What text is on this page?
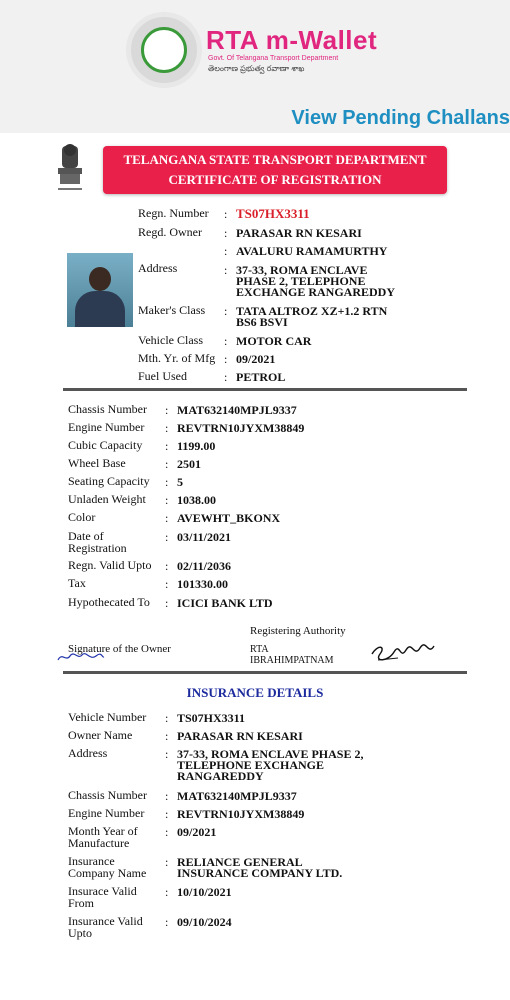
RTA m-Wallet
Govt. Of Telangana Transport Department
తెలంగాణ ప్రభుత్వ రవాణా శాఖ
View Pending Challans
TELANGANA STATE TRANSPORT DEPARTMENT
CERTIFICATE OF REGISTRATION
Regn. Number : TS07HX3311
Regd. Owner : PARASAR RN KESARI
: AVALURU RAMAMURTHY
Address	: 37-33, ROMA ENCLAVE
PHASE 2, TELEPHONE
EXCHANGE RANGAREDDY
Maker's Class : TATA ALTROZ XZ+1.2 RTN
BS6 BSVI
Vehicle Class : MOTOR CAR
Mth. Yr. of Mfg : 09/2021
Fuel Used	: PETROL
Chassis Number : MAT632140MPJL9337
Engine Number : REVTRN10JYXM38849
Cubic Capacity : 1199.00
Wheel Base	: 2501
Seating Capacity : 5
Unladen Weight : 1038.00
Color	: AVEWHT_BKONX
Date of
Registration
: 03/11/2021
Regn. Valid Upto : 02/11/2036
Tax	: 101330.00
Hypothecated To : ICICI BANK LTD
Registering Authority
Signature of the Owner	RTA
IBRAHIMPATNAM
INSURANCE DETAILS
Vehicle Number : TS07HX3311
Owner Name	: PARASAR RN KESARI
Address	: 37-33, ROMA ENCLAVE PHASE 2,
TELEPHONE EXCHANGE
RANGAREDDY
Chassis Number : MAT632140MPJL9337
Engine Number : REVTRN10JYXM38849
Month Year of
Manufacture
: 09/2021
Insurance
Company Name
: RELIANCE GENERAL
INSURANCE COMPANY LTD.
Insurace Valid
From
: 10/10/2021
Insurance Valid
Upto
: 09/10/2024
